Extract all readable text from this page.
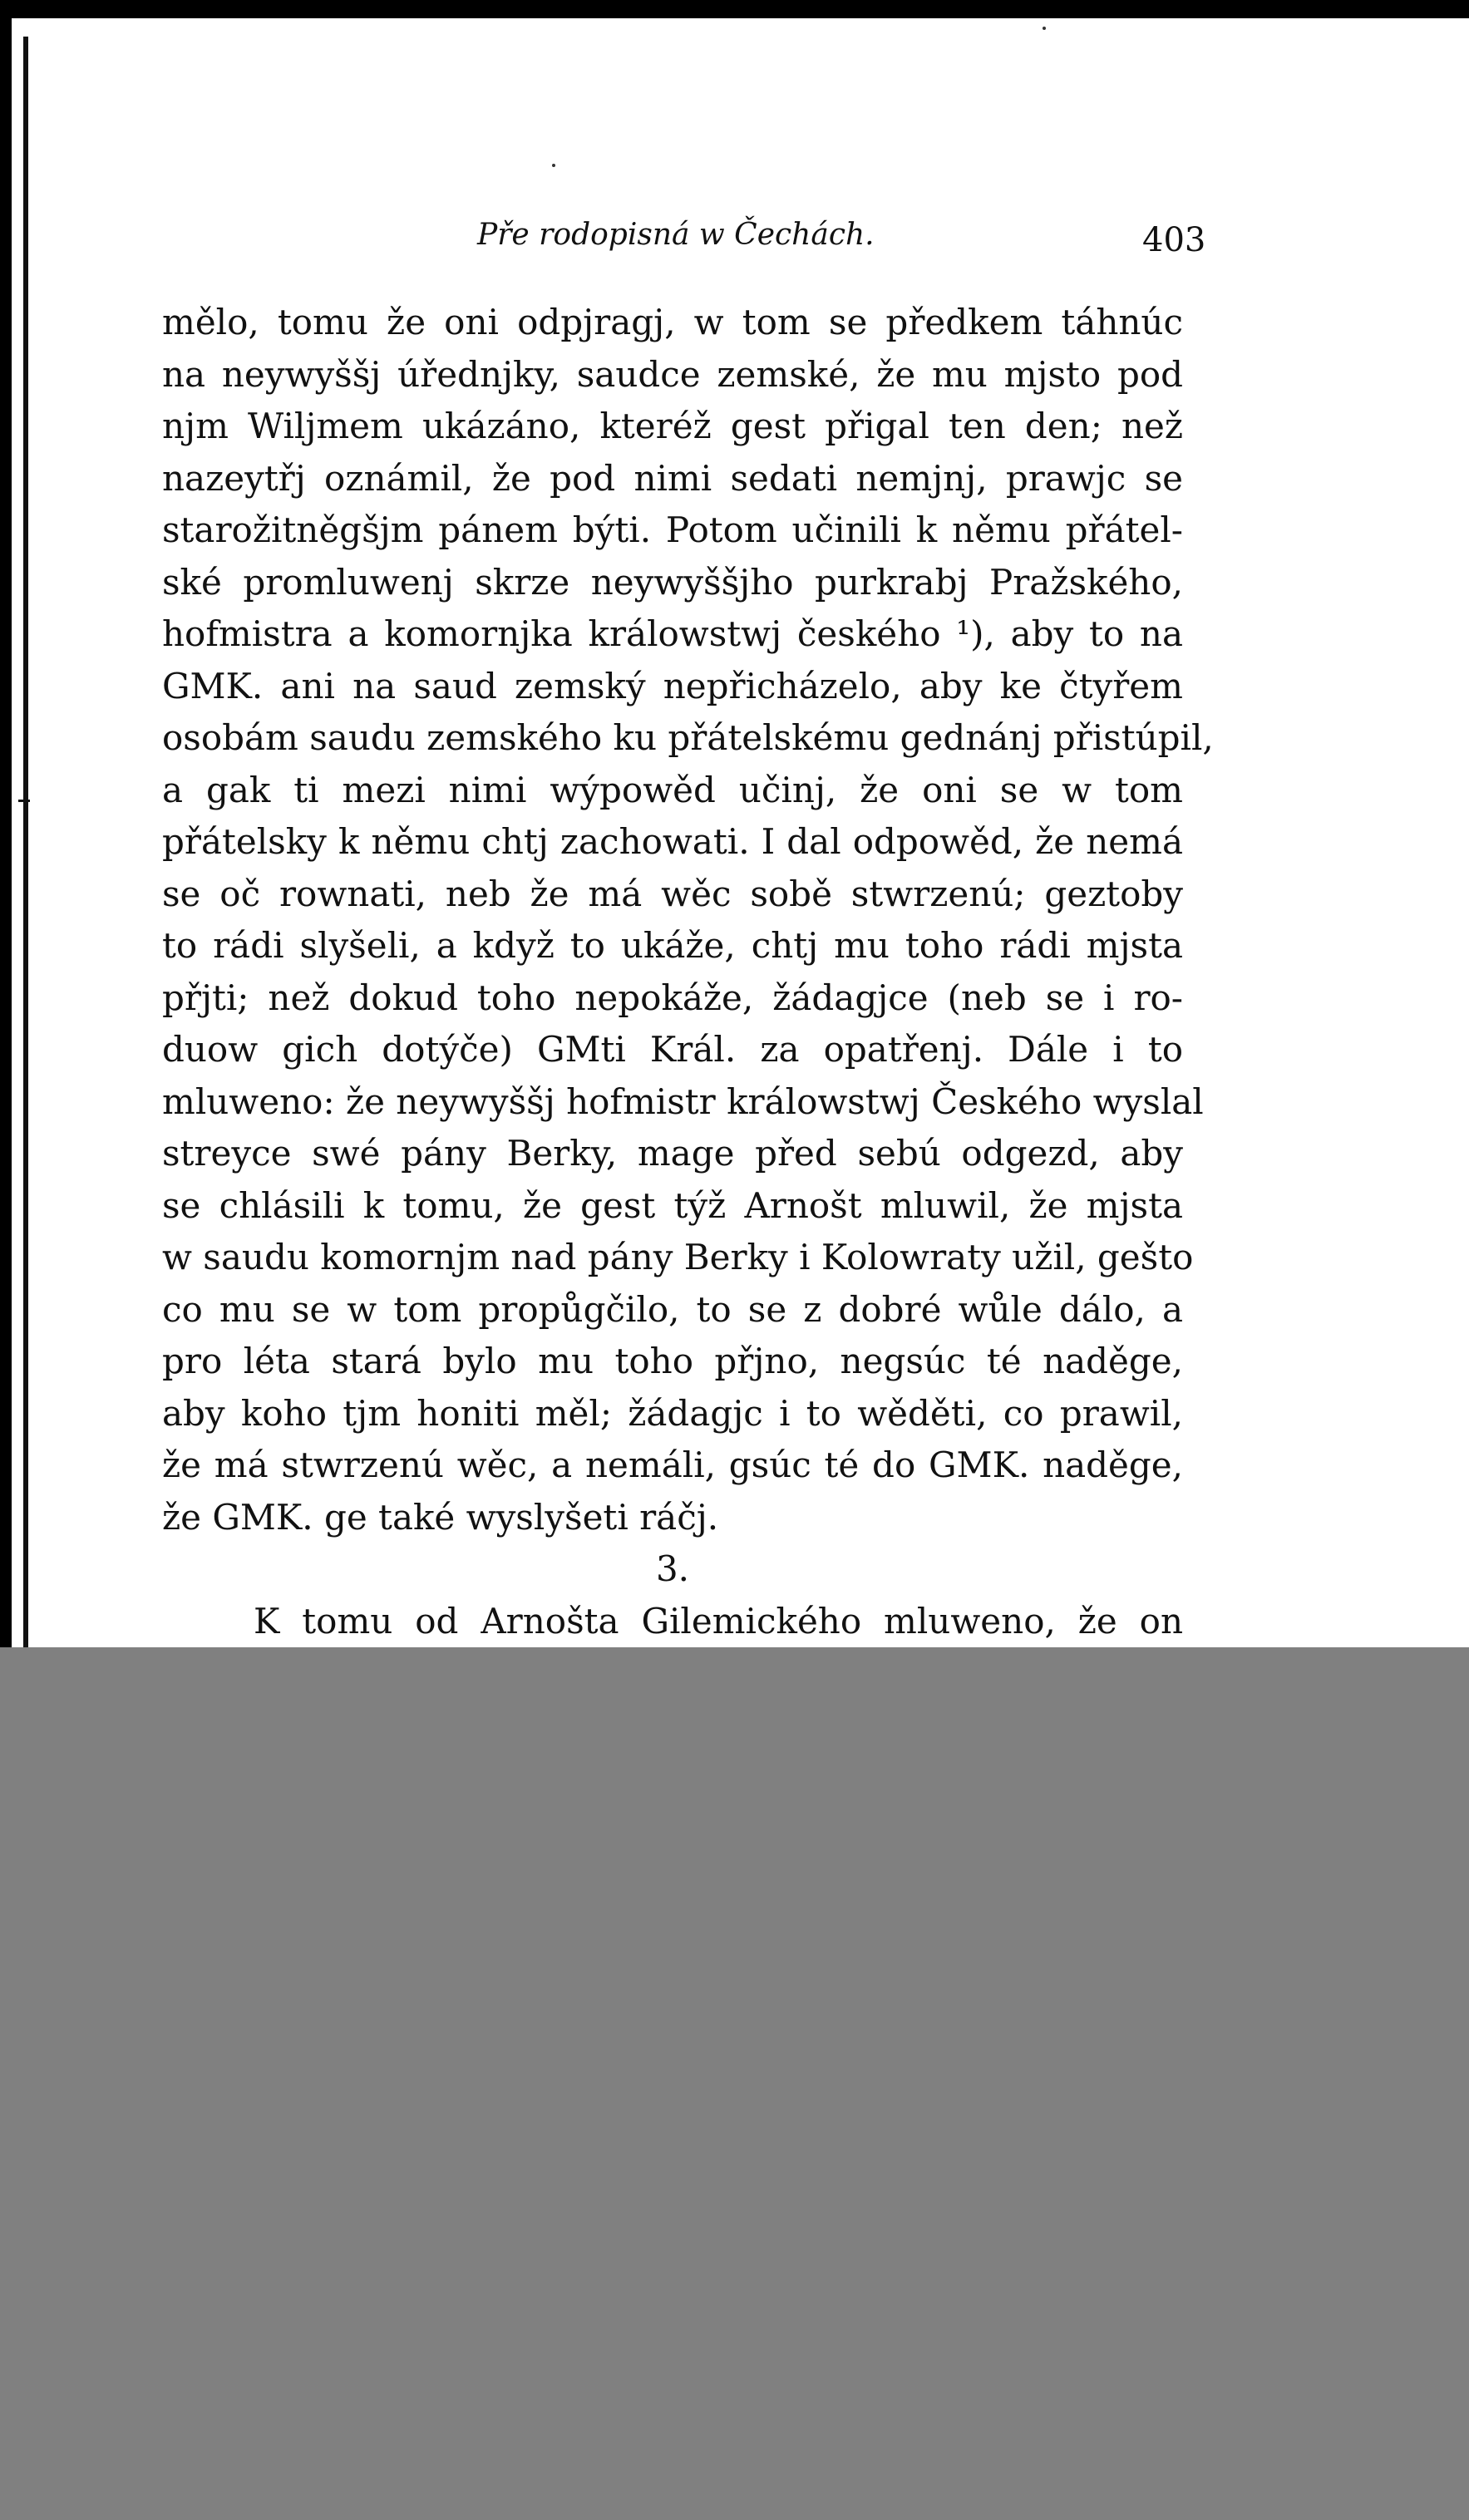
Pře rodopisná w Čechách.	403
mělo, tomu že oni odpjragj, w tom se předkem táhnúc
na neywyššj úřednjky, saudce zemské, že mu mjsto pod
njm Wiljmem ukázáno, kteréž gest přigal ten den; než
nazeytřj oznámil, že pod nimi sedati nemjnj, prawjc se
starožitněgšjm pánem býti. Potom učinili k němu přátel-
ské promluwenj skrze neywyššjho purkrabj Pražského,
hofmistra a komornjka králowstwj českého ¹), aby to na
GMK. ani na saud zemský nepřicházelo, aby ke čtyřem
osobám saudu zemského ku přátelskému gednánj přistúpil,
a gak ti mezi nimi wýpowěd učinj, že oni se w tom
přátelsky k němu chtj zachowati. I dal odpowěd, že nemá
se oč rownati, neb že má wěc sobě stwrzenú; geztoby
to rádi slyšeli, a když to ukáže, chtj mu toho rádi mjsta
přjti; než dokud toho nepokáže, žádagjce (neb se i ro-
duow gich dotýče) GMti Král. za opatřenj. Dále i to
mluweno: že neywyššj hofmistr králowstwj Českého wyslal
streyce swé pány Berky, mage před sebú odgezd, aby
se chlásili k tomu, že gest týž Arnošt mluwil, že mjsta
w saudu komornjm nad pány Berky i Kolowraty užil, gešto
co mu se w tom propůgčilo, to se z dobré wůle dálo, a
pro léta stará bylo mu toho přjno, negsúc té naděge,
aby koho tjm honiti měl; žádagjc i to wěděti, co prawil,
že má stwrzenú wěc, a nemáli, gsúc té do GMK. naděge,
že GMK. ge také wyslyšeti ráčj.
3.
K tomu od Arnošta Gilemického mluweno, že on
